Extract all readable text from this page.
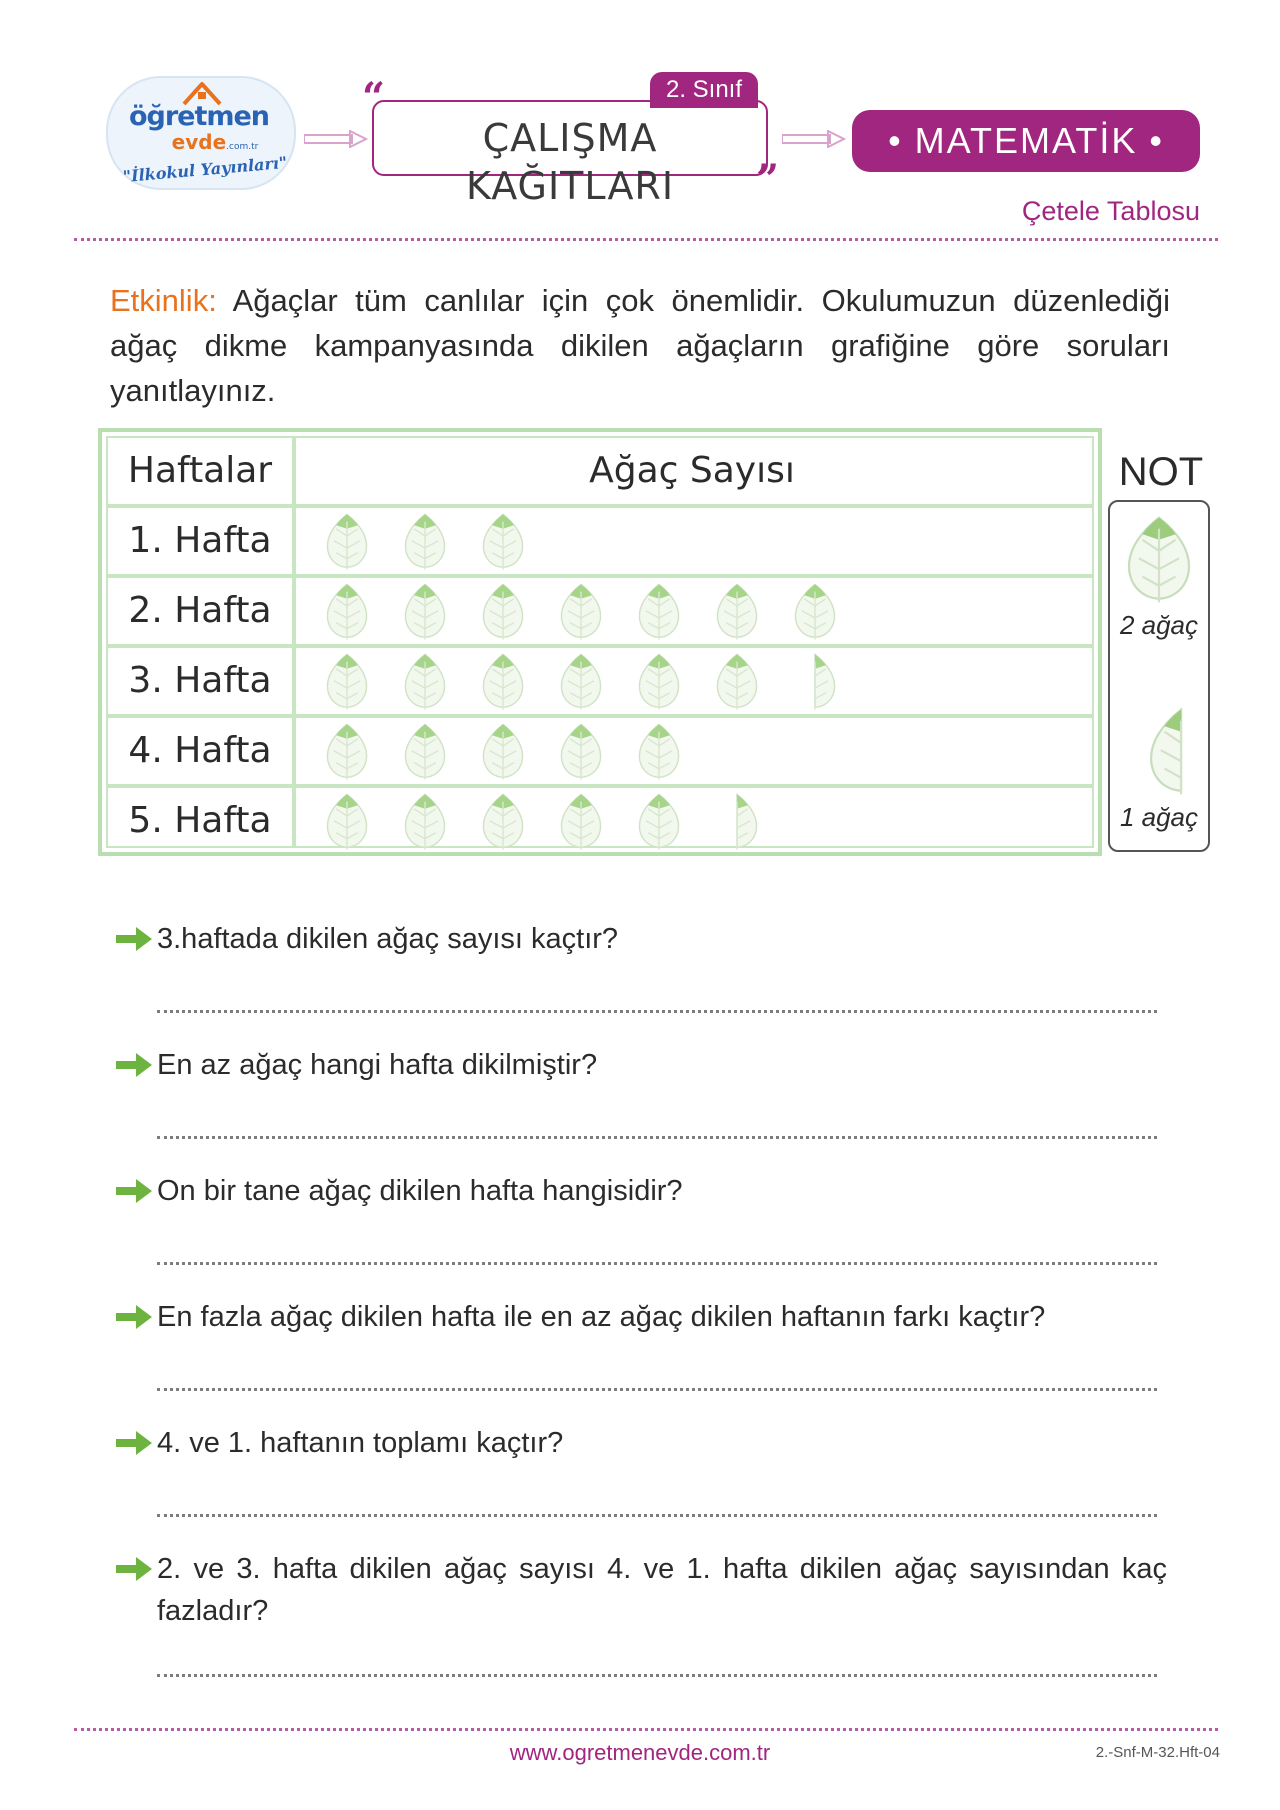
öğretmen
evde.com.tr
"İlkokul Yayınları"
“
ÇALIŞMA KAĞITLARI
2. Sınıf
”
• MATEMATİK •
Çetele Tablosu
Etkinlik: Ağaçlar tüm canlılar için çok önemlidir. Okulumuzun düzenlediği ağaç dikme kampanyasında dikilen ağaçların grafiğine göre soruları yanıtlayınız.
Haftalar	Ağaç Sayısı
1. Hafta
2. Hafta
3. Hafta
4. Hafta
5. Hafta
NOT
2 ağaç
1 ağaç
3.haftada dikilen ağaç sayısı kaçtır?
En az ağaç hangi hafta dikilmiştir?
On bir tane ağaç dikilen hafta hangisidir?
En fazla ağaç dikilen hafta ile en az ağaç dikilen haftanın farkı kaçtır?
4. ve 1. haftanın toplamı kaçtır?
2. ve 3. hafta dikilen ağaç sayısı 4. ve 1. hafta dikilen ağaç sayısından kaç fazladır?
www.ogretmenevde.com.tr	2.-Snf-M-32.Hft-04
